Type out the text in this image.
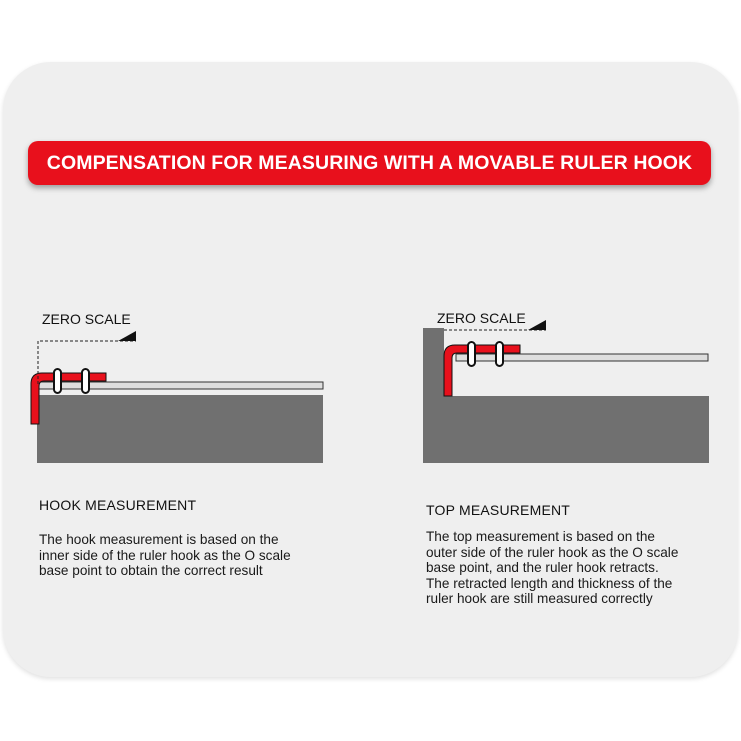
COMPENSATION FOR MEASURING WITH A MOVABLE RULER HOOK
ZERO SCALE	ZERO SCALE
HOOK MEASUREMENT
The hook measurement is based on the
inner side of the ruler hook as the O scale
base point to obtain the correct result
TOP MEASUREMENT
The top measurement is based on the
outer side of the ruler hook as the O scale
base point, and the ruler hook retracts.
The retracted length and thickness of the
ruler hook are still measured correctly
